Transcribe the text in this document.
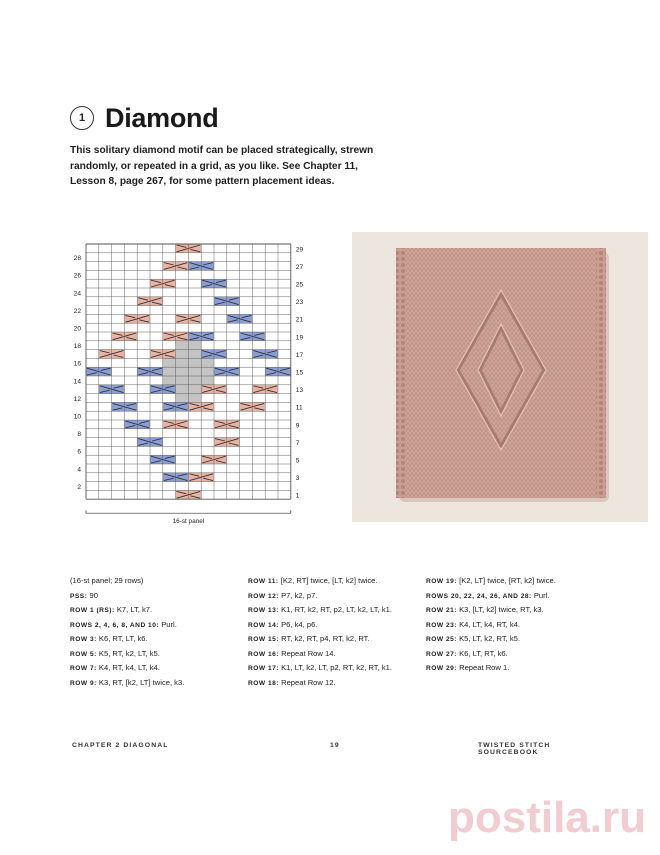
1 Diamond
This solitary diamond motif can be placed strategically, strewn randomly, or repeated in a grid, as you like. See Chapter 11, Lesson 8, page 267, for some pattern placement ideas.
29
27
25
23
21
19
17
15
13
11
9
7
5
3
1
28
26
24
22
20
18
16
14
12
10
8
6
4
2
16-st panel
(16-st panel; 29 rows)
PSS: 90
ROW 1 (RS): K7, LT, k7.
ROWS 2, 4, 6, 8, AND 10: Purl.
ROW 3: K6, RT, LT, k6.
ROW 5: K5, RT, k2, LT, k5.
ROW 7: K4, RT, k4, LT, k4.
ROW 9: K3, RT, [k2, LT] twice, k3.
ROW 11: [K2, RT] twice, [LT, k2] twice.
ROW 12: P7, k2, p7.
ROW 13: K1, RT, k2, RT, p2, LT, k2, LT, k1.
ROW 14: P6, k4, p6.
ROW 15: RT, k2, RT, p4, RT, k2, RT.
ROW 16: Repeat Row 14.
ROW 17: K1, LT, k2, LT, p2, RT, k2, RT, k1.
ROW 18: Repeat Row 12.
ROW 19: [K2, LT] twice, [RT, k2] twice.
ROWS 20, 22, 24, 26, AND 28: Purl.
ROW 21: K3, [LT, k2] twice, RT, k3.
ROW 23: K4, LT, k4, RT, k4.
ROW 25: K5, LT, k2, RT, k5.
ROW 27: K6, LT, RT, k6.
ROW 29: Repeat Row 1.
CHAPTER 2 DIAGONAL	19	TWISTED STITCH SOURCEBOOK
postila.ru
